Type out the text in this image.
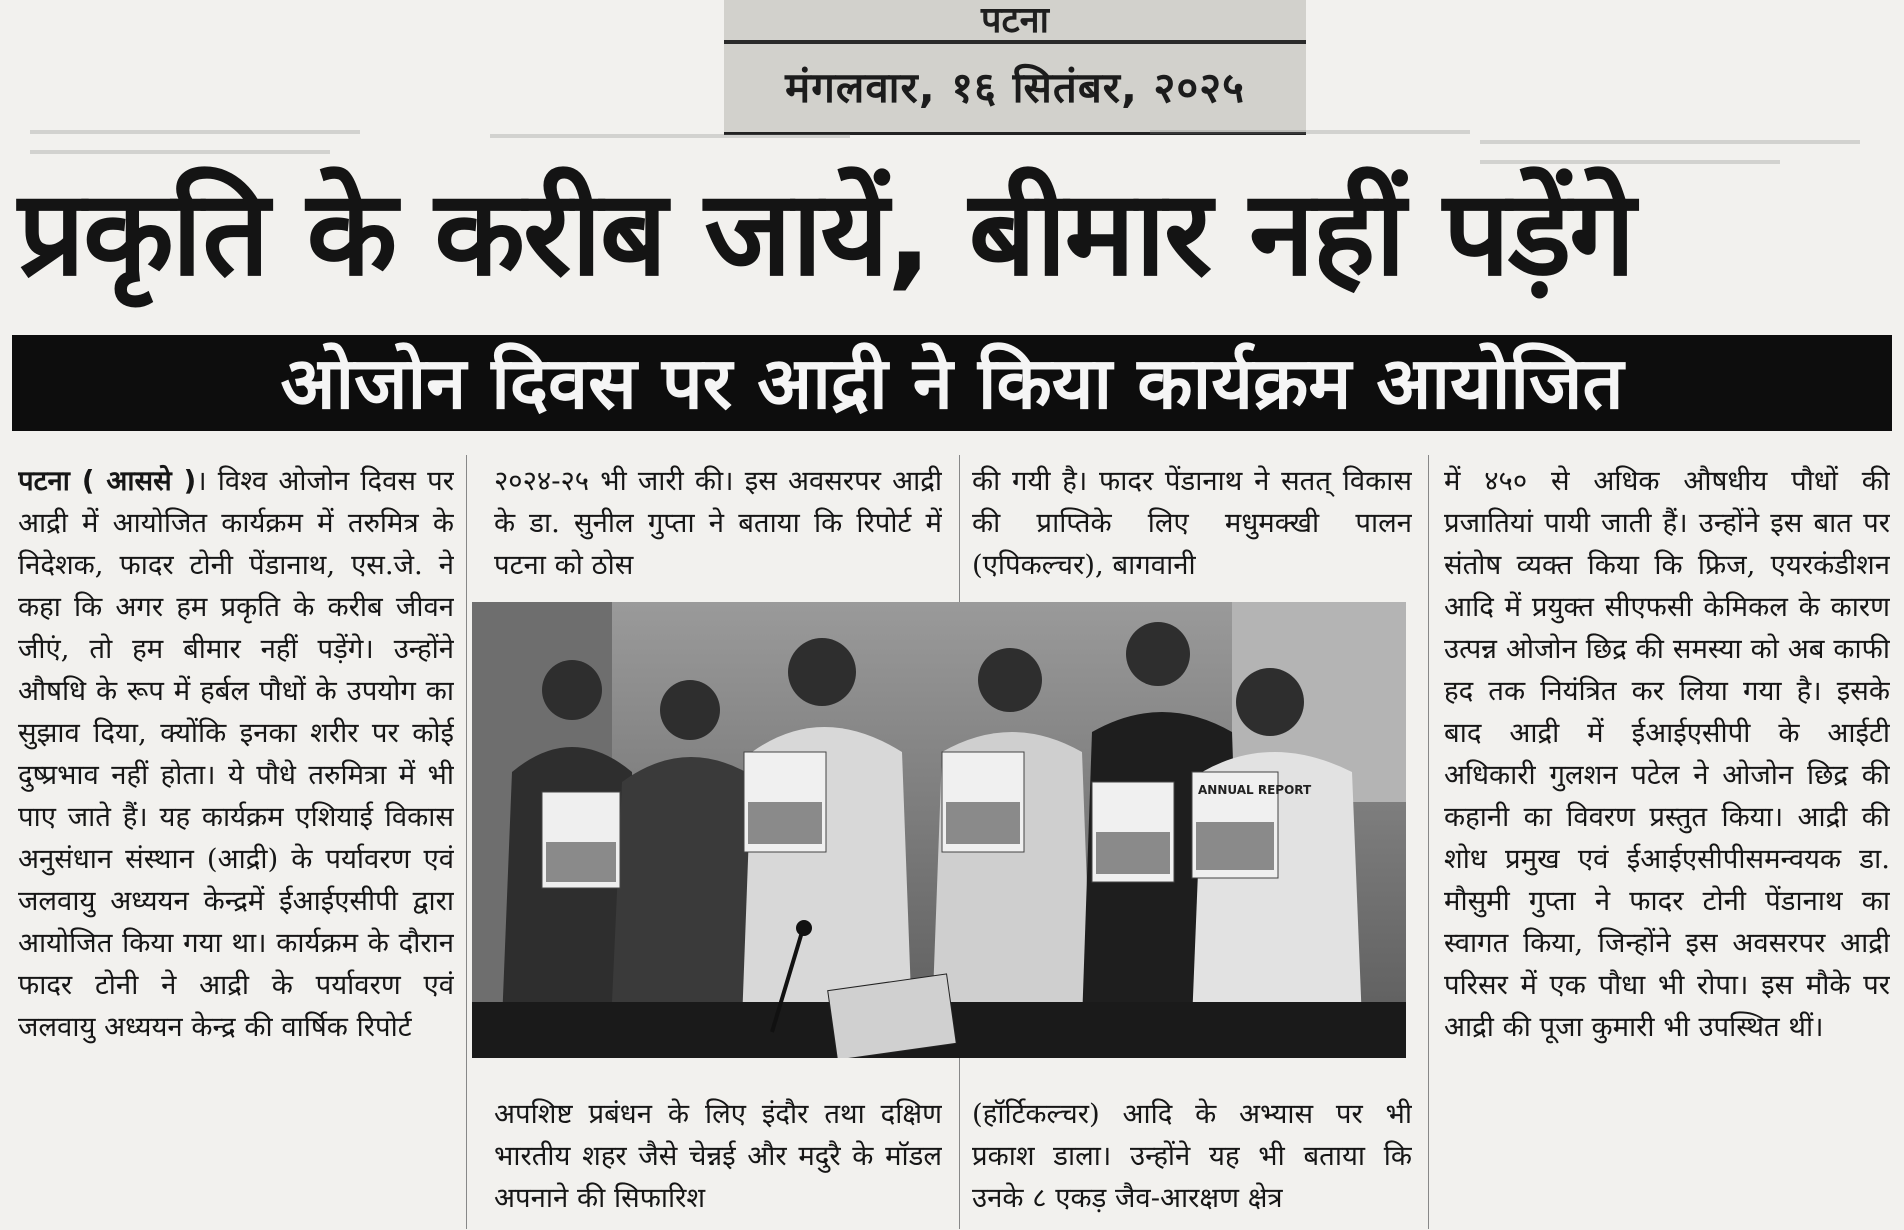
पटना
मंगलवार, १६ सितंबर, २०२५
प्रकृति के करीब जायें, बीमार नहीं पड़ेंगे
ओजोन दिवस पर आद्री ने किया कार्यक्रम आयोजित

पटना ( आससे )। विश्व ओजोन दिवस पर आद्री में आयोजित कार्यक्रम में तरुमित्र के निदेशक, फादर टोनी पेंडानाथ, एस.जे. ने कहा कि अगर हम प्रकृति के करीब जीवन जीएं, तो हम बीमार नहीं पड़ेंगे। उन्होंने औषधि के रूप में हर्बल पौधों के उपयोग का सुझाव दिया, क्योंकि इनका शरीर पर कोई दुष्प्रभाव नहीं होता। ये पौधे तरुमित्रा में भी पाए जाते हैं। यह कार्यक्रम एशियाई विकास अनुसंधान संस्थान (आद्री) के पर्यावरण एवं जलवायु अध्ययन केन्द्रमें ईआईएसीपी द्वारा आयोजित किया गया था। कार्यक्रम के दौरान फादर टोनी ने आद्री के पर्यावरण एवं जलवायु अध्ययन केन्द्र की वार्षिक रिपोर्ट

२०२४-२५ भी जारी की। इस अवसरपर आद्री के डा. सुनील गुप्ता ने बताया कि रिपोर्ट में पटना को ठोस

की गयी है। फादर पेंडानाथ ने सतत् विकास की प्राप्तिके लिए मधुमक्खी पालन (एपिकल्चर), बागवानी

ANNUAL REPORT

अपशिष्ट प्रबंधन के लिए इंदौर तथा दक्षिण भारतीय शहर जैसे चेन्नई और मदुरै के मॉडल अपनाने की सिफारिश

(हॉर्टिकल्चर) आदि के अभ्यास पर भी प्रकाश डाला। उन्होंने यह भी बताया कि उनके ८ एकड़ जैव-आरक्षण क्षेत्र

में ४५० से अधिक औषधीय पौधों की प्रजातियां पायी जाती हैं। उन्होंने इस बात पर संतोष व्यक्त किया कि फ्रिज, एयरकंडीशन आदि में प्रयुक्त सीएफसी केमिकल के कारण उत्पन्न ओजोन छिद्र की समस्या को अब काफी हद तक नियंत्रित कर लिया गया है। इसके बाद आद्री में ईआईएसीपी के आईटी अधिकारी गुलशन पटेल ने ओजोन छिद्र की कहानी का विवरण प्रस्तुत किया। आद्री की शोध प्रमुख एवं ईआईएसीपीसमन्वयक डा. मौसुमी गुप्ता ने फादर टोनी पेंडानाथ का स्वागत किया, जिन्होंने इस अवसरपर आद्री परिसर में एक पौधा भी रोपा। इस मौके पर आद्री की पूजा कुमारी भी उपस्थित थीं।
